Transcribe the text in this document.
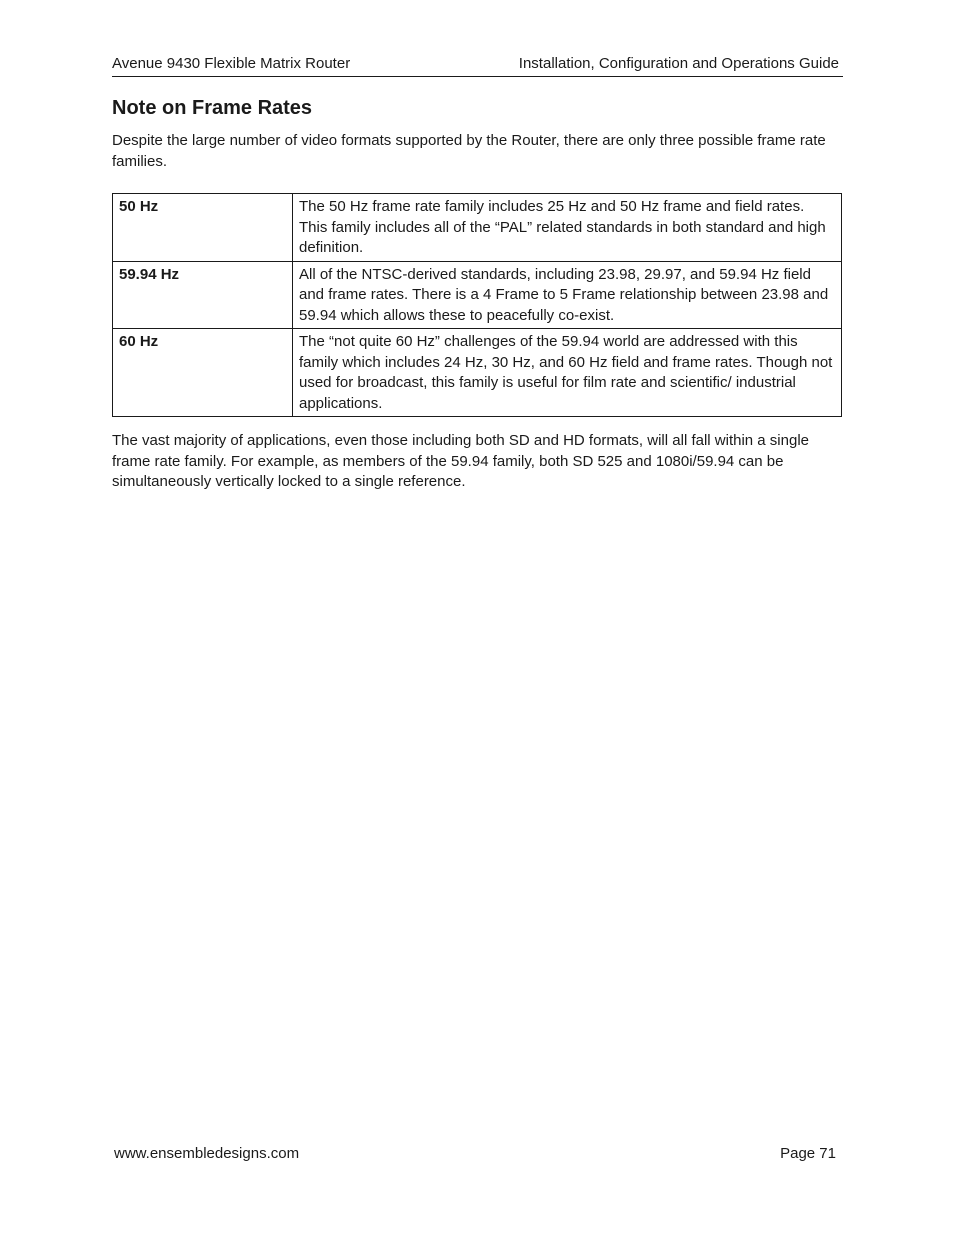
Avenue 9430 Flexible Matrix Router	Installation, Configuration and Operations Guide
Note on Frame Rates

Despite the large number of video formats supported by the Router, there are only three possible frame rate families.

50 Hz	The 50 Hz frame rate family includes 25 Hz and 50 Hz frame and field rates. This family includes all of the “PAL” related standards in both standard and high definition.
59.94 Hz	All of the NTSC-derived standards, including 23.98, 29.97, and 59.94 Hz field and frame rates. There is a 4 Frame to 5 Frame relationship between 23.98 and 59.94 which allows these to peacefully co-exist.
60 Hz	The “not quite 60 Hz” challenges of the 59.94 world are addressed with this family which includes 24 Hz, 30 Hz, and 60 Hz field and frame rates. Though not used for broadcast, this family is useful for film rate and scientific/ industrial applications.

The vast majority of applications, even those including both SD and HD formats, will all fall within a single frame rate family. For example, as members of the 59.94 family, both SD 525 and 1080i/59.94 can be simultaneously vertically locked to a single reference.

www.ensembledesigns.com	Page 71
